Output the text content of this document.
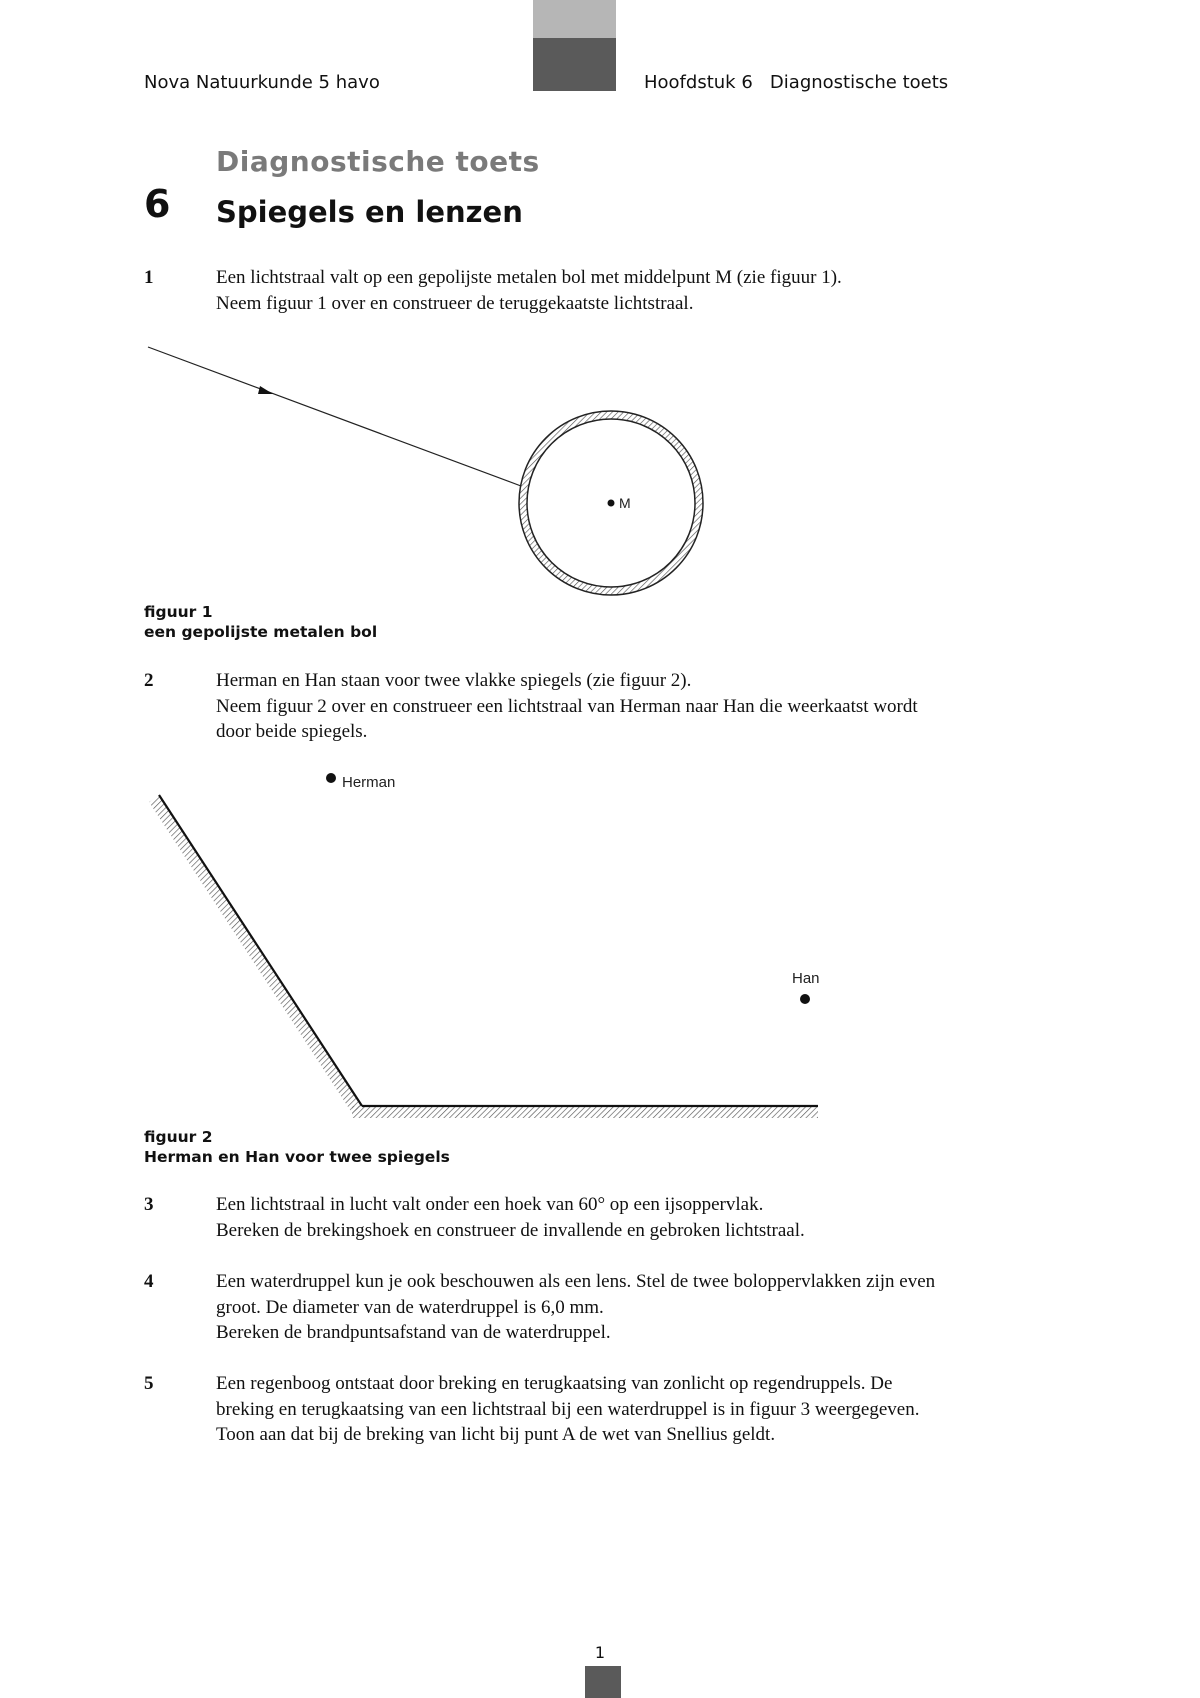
Nova Natuurkunde 5 havo	Hoofdstuk 6   Diagnostische toets
Diagnostische toets
6 Spiegels en lenzen
1	Een lichtstraal valt op een gepolijste metalen bol met middelpunt M (zie figuur 1).
Neem figuur 1 over en construeer de teruggekaatste lichtstraal.
M
Herman
Han
figuur 1
een gepolijste metalen bol
2	Herman en Han staan voor twee vlakke spiegels (zie figuur 2).
Neem figuur 2 over en construeer een lichtstraal van Herman naar Han die weerkaatst wordt
door beide spiegels.
figuur 2
Herman en Han voor twee spiegels
3	Een lichtstraal in lucht valt onder een hoek van 60° op een ijsoppervlak.
Bereken de brekingshoek en construeer de invallende en gebroken lichtstraal.
4	Een waterdruppel kun je ook beschouwen als een lens. Stel de twee boloppervlakken zijn even
groot. De diameter van de waterdruppel is 6,0 mm.
Bereken de brandpuntsafstand van de waterdruppel.
5	Een regenboog ontstaat door breking en terugkaatsing van zonlicht op regendruppels. De
breking en terugkaatsing van een lichtstraal bij een waterdruppel is in figuur 3 weergegeven.
Toon aan dat bij de breking van licht bij punt A de wet van Snellius geldt.
1
